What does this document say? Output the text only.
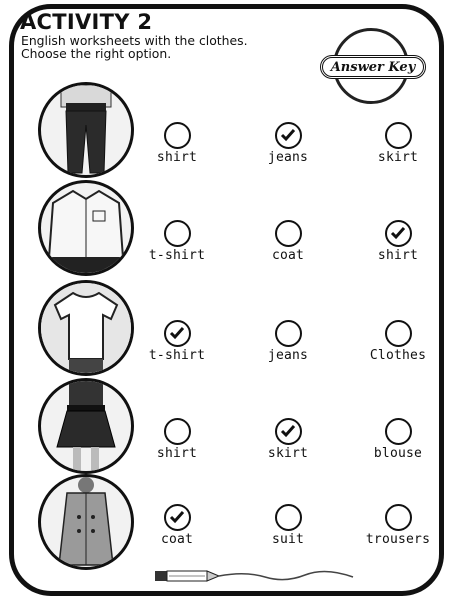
ACTIVITY 2
English worksheets with the clothes.
Choose the right option.
Answer Key
shirt	jeans	skirt
t-shirt	coat	shirt
t-shirt	jeans	Clothes
shirt	skirt	blouse
coat	suit	trousers
